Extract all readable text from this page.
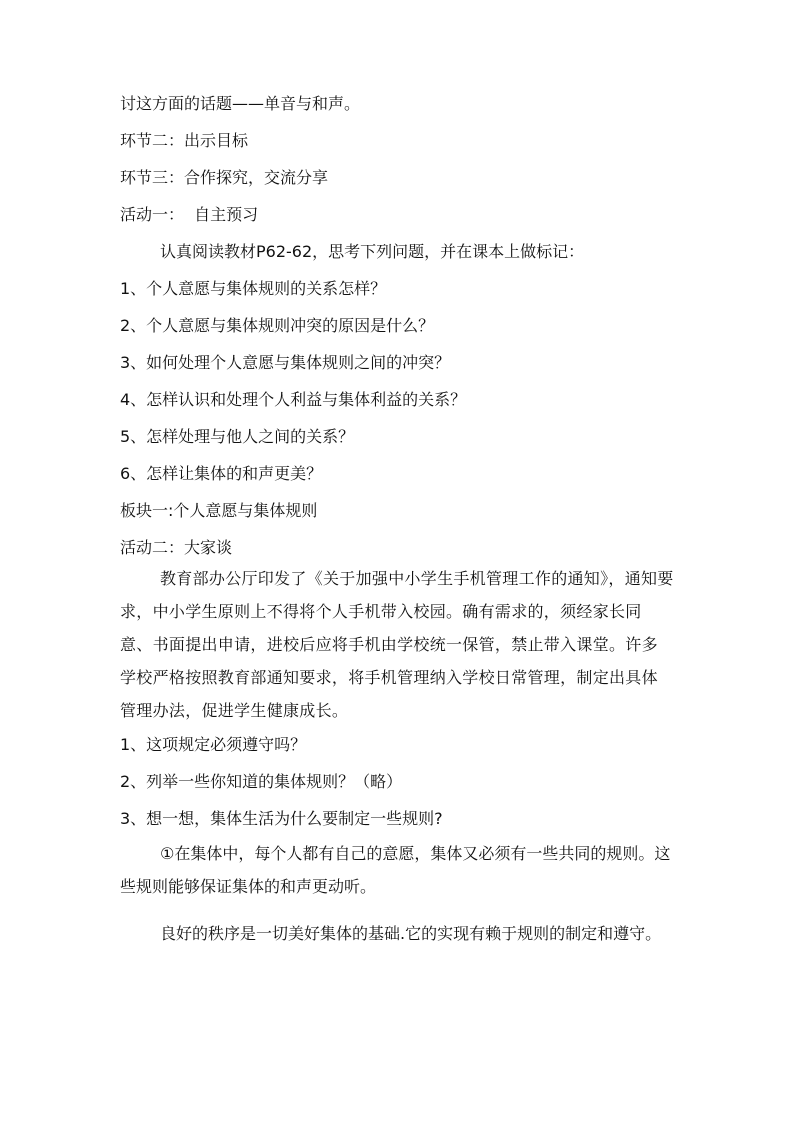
讨这方面的话题——单音与和声。
环节二：出示目标
环节三：合作探究，交流分享
活动一：  自主预习
认真阅读教材P62-62，思考下列问题，并在课本上做标记：
1、个人意愿与集体规则的关系怎样？
2、个人意愿与集体规则冲突的原因是什么？
3、如何处理个人意愿与集体规则之间的冲突？
4、怎样认识和处理个人利益与集体利益的关系？
5、怎样处理与他人之间的关系？
6、怎样让集体的和声更美？
板块一:个人意愿与集体规则
活动二：大家谈
教育部办公厅印发了《关于加强中小学生手机管理工作的通知》，通知要求，中小学生原则上不得将个人手机带入校园。确有需求的，须经家长同意、书面提出申请，进校后应将手机由学校统一保管，禁止带入课堂。许多学校严格按照教育部通知要求，将手机管理纳入学校日常管理，制定出具体管理办法，促进学生健康成长。
1、这项规定必须遵守吗？
2、列举一些你知道的集体规则？（略）
3、想一想，集体生活为什么要制定一些规则?
①在集体中，每个人都有自己的意愿，集体又必须有一些共同的规则。这些规则能够保证集体的和声更动听。
良好的秩序是一切美好集体的基础.它的实现有赖于规则的制定和遵守。
